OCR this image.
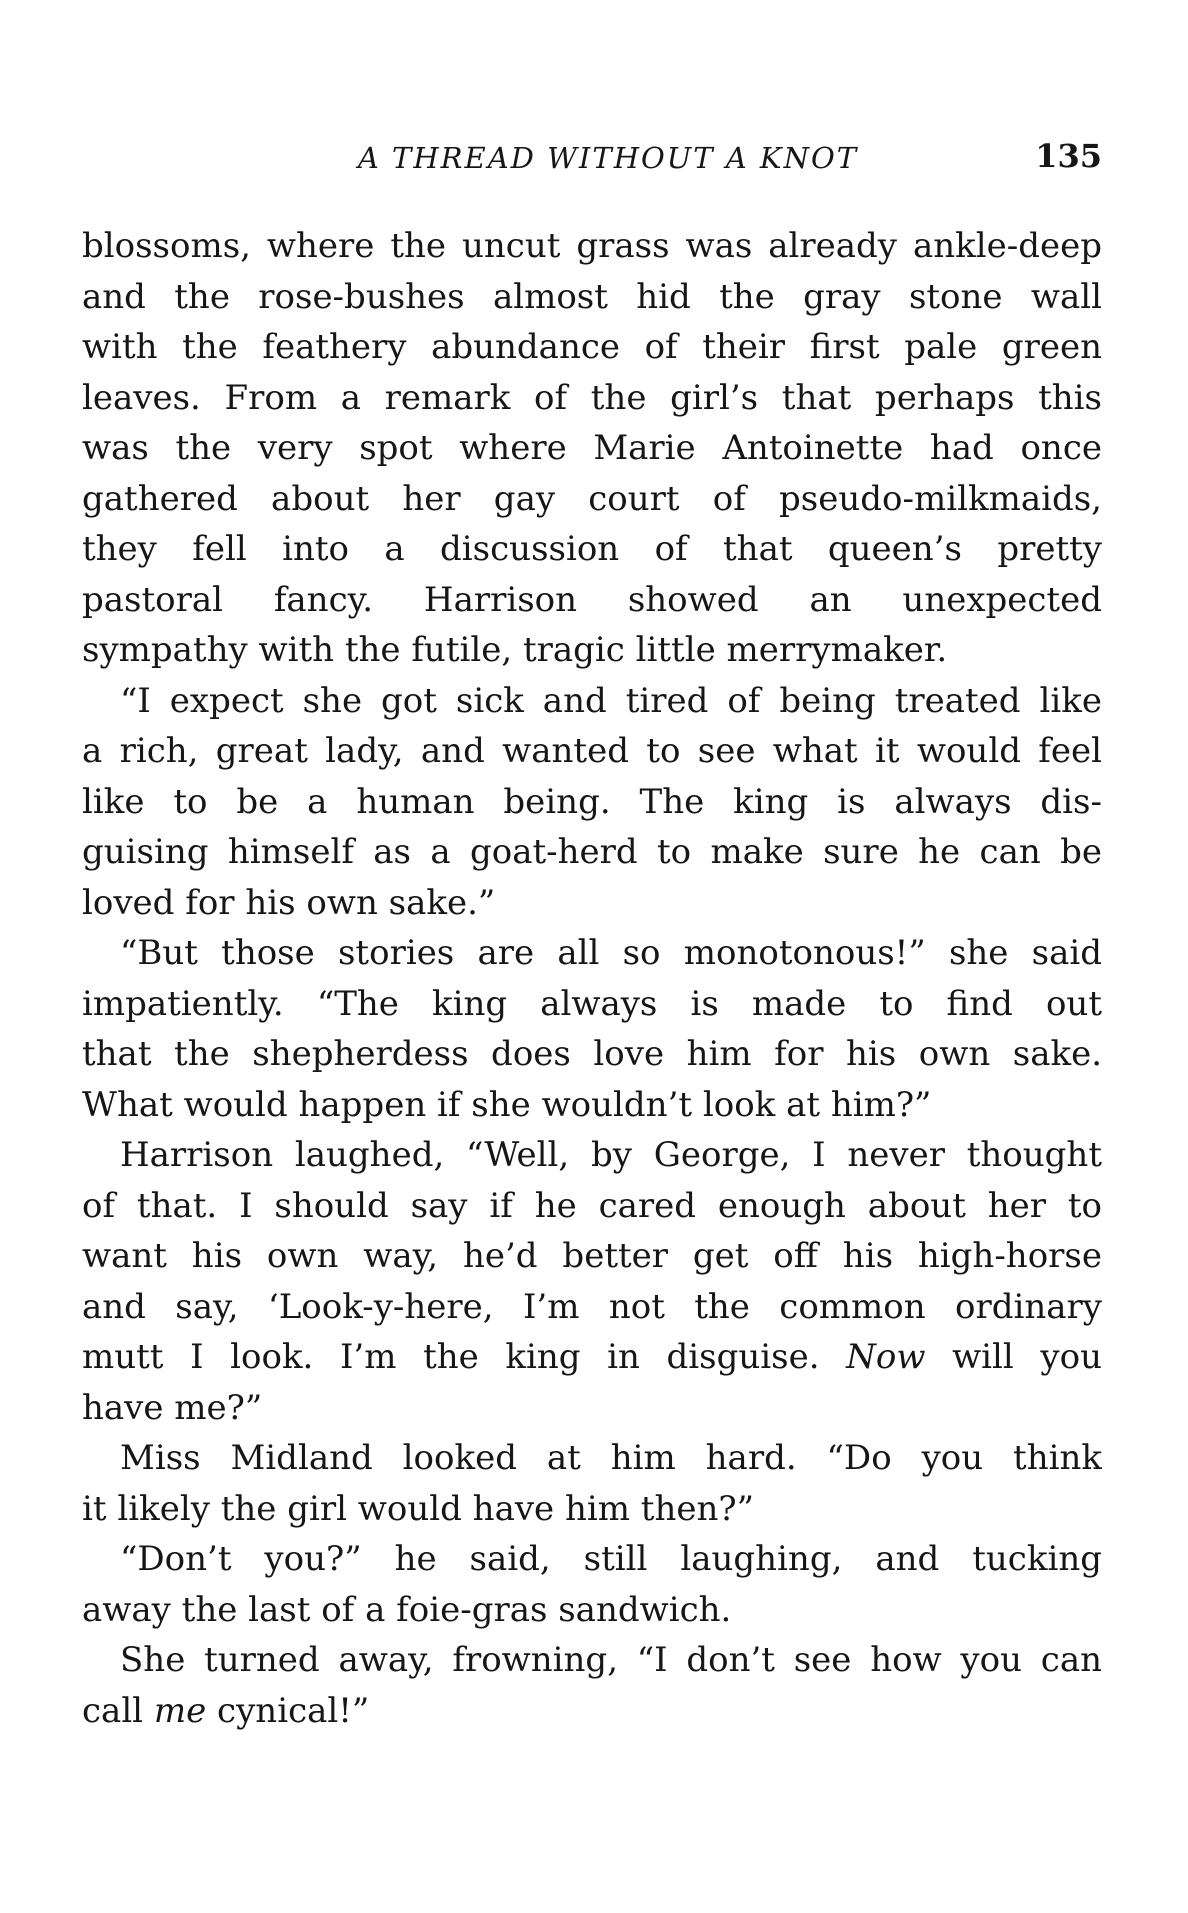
A THREAD WITHOUT A KNOT	135
blossoms, where the uncut grass was already ankle-deep
and the rose-bushes almost hid the gray stone wall
with the feathery abundance of their first pale green
leaves. From a remark of the girl’s that perhaps this
was the very spot where Marie Antoinette had once
gathered about her gay court of pseudo-milkmaids,
they fell into a discussion of that queen’s pretty
pastoral fancy. Harrison showed an unexpected
sympathy with the futile, tragic little merrymaker.
“I expect she got sick and tired of being treated like
a rich, great lady, and wanted to see what it would feel
like to be a human being. The king is always dis-
guising himself as a goat-herd to make sure he can be
loved for his own sake.”
“But those stories are all so monotonous!” she said
impatiently. “The king always is made to find out
that the shepherdess does love him for his own sake.
What would happen if she wouldn’t look at him?”
Harrison laughed, “Well, by George, I never thought
of that. I should say if he cared enough about her to
want his own way, he’d better get off his high-horse
and say, ‘Look-y-here, I’m not the common ordinary
mutt I look. I’m the king in disguise. Now will you
have me?”
Miss Midland looked at him hard. “Do you think
it likely the girl would have him then?”
“Don’t you?” he said, still laughing, and tucking
away the last of a foie-gras sandwich.
She turned away, frowning, “I don’t see how you can
call me cynical!”
